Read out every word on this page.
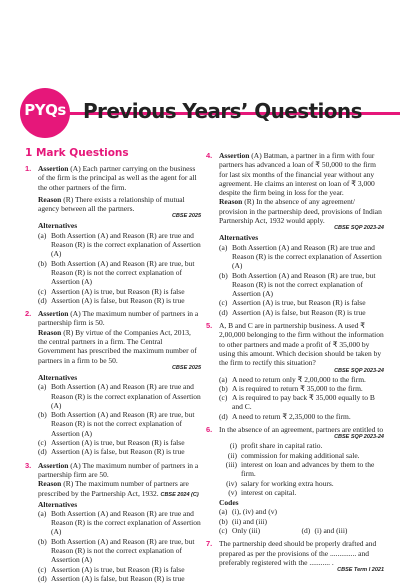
PYQs Previous Years’ Questions
1 Mark Questions
1. Assertion (A) Each partner carrying on the business of the firm is the principal as well as the agent for all the other partners of the firm.
Reason (R) There exists a relationship of mutual agency between all the partners.
CBSE 2025
Alternatives
(a) Both Assertion (A) and Reason (R) are true and Reason (R) is the correct explanation of Assertion (A)
(b) Both Assertion (A) and Reason (R) are true, but Reason (R) is not the correct explanation of Assertion (A)
(c) Assertion (A) is true, but Reason (R) is false
(d) Assertion (A) is false, but Reason (R) is true
2. Assertion (A) The maximum number of partners in a partnership firm is 50.
Reason (R) By virtue of the Companies Act, 2013, the central partners in a firm. The Central Government has prescribed the maximum number of partners in a firm to be 50.
CBSE 2025
Alternatives
(a) Both Assertion (A) and Reason (R) are true and Reason (R) is the correct explanation of Assertion (A)
(b) Both Assertion (A) and Reason (R) are true, but Reason (R) is not the correct explanation of Assertion (A)
(c) Assertion (A) is true, but Reason (R) is false
(d) Assertion (A) is false, but Reason (R) is true
3. Assertion (A) The maximum number of partners in a partnership firm are 50.
Reason (R) The maximum number of partners are prescribed by the Partnership Act, 1932. CBSE 2024 (C)
Alternatives
(a) Both Assertion (A) and Reason (R) are true and Reason (R) is the correct explanation of Assertion (A)
(b) Both Assertion (A) and Reason (R) are true, but Reason (R) is not the correct explanation of Assertion (A)
(c) Assertion (A) is true, but Reason (R) is false
(d) Assertion (A) is false, but Reason (R) is true
4. Assertion (A) Batman, a partner in a firm with four partners has advanced a loan of ₹ 50,000 to the firm for last six months of the financial year without any agreement. He claims an interest on loan of ₹ 3,000 despite the firm being in loss for the year.
Reason (R) In the absence of any agreement/ provision in the partnership deed, provisions of Indian Partnership Act, 1932 would apply.
CBSE SQP 2023-24
Alternatives
(a) Both Assertion (A) and Reason (R) are true and Reason (R) is the correct explanation of Assertion (A)
(b) Both Assertion (A) and Reason (R) are true, but Reason (R) is not the correct explanation of Assertion (A)
(c) Assertion (A) is true, but Reason (R) is false
(d) Assertion (A) is false, but Reason (R) is true
5. A, B and C are in partnership business. A used ₹ 2,00,000 belonging to the firm without the information to other partners and made a profit of ₹ 35,000 by using this amount. Which decision should be taken by the firm to rectify this situation?
CBSE SQP 2023-24
(a) A need to return only ₹ 2,00,000 to the firm.
(b) A is required to return ₹ 35,000 to the firm.
(c) A is required to pay back ₹ 35,000 equally to B and C.
(d) A need to return ₹ 2,35,000 to the firm.
6. In the absence of an agreement, partners are entitled to
CBSE SQP 2023-24
(i) profit share in capital ratio.
(ii) commission for making additional sale.
(iii) interest on loan and advances by them to the firm.
(iv) salary for working extra hours.
(v) interest on capital.
Codes
(a) (i), (iv) and (v)
(b) (ii) and (iii)
(c) Only (iii)	(d) (i) and (iii)
7. The partnership deed should be properly drafted and prepared as per the provisions of the .............. and preferably registered with the ........... .
CBSE Term I 2021
